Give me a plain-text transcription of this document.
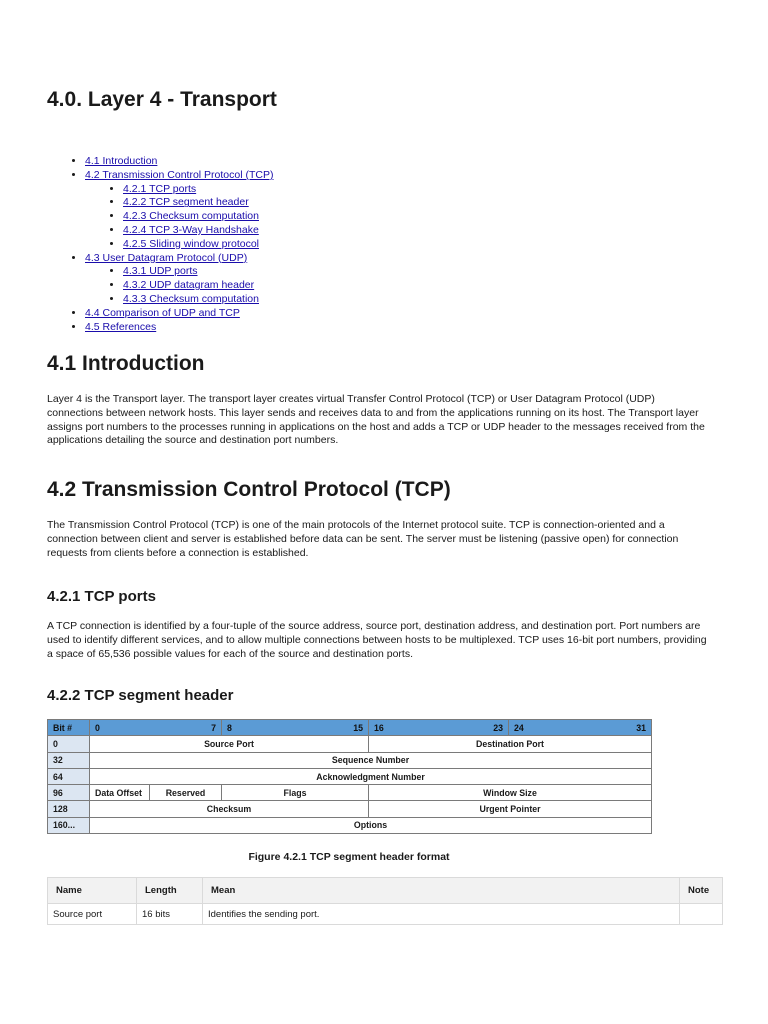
4.0. Layer 4 - Transport
• 4.1 Introduction
• 4.2 Transmission Control Protocol (TCP)
• 4.2.1 TCP ports
• 4.2.2 TCP segment header
• 4.2.3 Checksum computation
• 4.2.4 TCP 3-Way Handshake
• 4.2.5 Sliding window protocol
• 4.3 User Datagram Protocol (UDP)
• 4.3.1 UDP ports
• 4.3.2 UDP datagram header
• 4.3.3 Checksum computation
• 4.4 Comparison of UDP and TCP
• 4.5 References
4.1 Introduction

Layer 4 is the Transport layer. The transport layer creates virtual Transfer Control Protocol (TCP) or User Datagram Protocol (UDP) connections between network hosts. This layer sends and receives data to and from the applications running on its host. The Transport layer assigns port numbers to the processes running in applications on the host and adds a TCP or UDP header to the messages received from the applications detailing the source and destination port numbers.

4.2 Transmission Control Protocol (TCP)

The Transmission Control Protocol (TCP) is one of the main protocols of the Internet protocol suite. TCP is connection-oriented and a connection between client and server is established before data can be sent. The server must be listening (passive open) for connection requests from clients before a connection is established.

4.2.1 TCP ports

A TCP connection is identified by a four-tuple of the source address, source port, destination address, and destination port. Port numbers are used to identify different services, and to allow multiple connections between hosts to be multiplexed. TCP uses 16-bit port numbers, providing a space of 65,536 possible values for each of the source and destination ports.

4.2.2 TCP segment header
Bit #	0 7		8 15	16 23	24 31

0	Source Port			Destination Port	
32	Sequence Number				
64	Acknowledgment Number				
96	Data Offset	Reserved	Flags	Window Size	
128	Checksum			Urgent Pointer	
160...	Options				
Figure 4.2.1 TCP segment header format
Name	Length	Mean	Note
Source port	16 bits	Identifies the sending port.	
